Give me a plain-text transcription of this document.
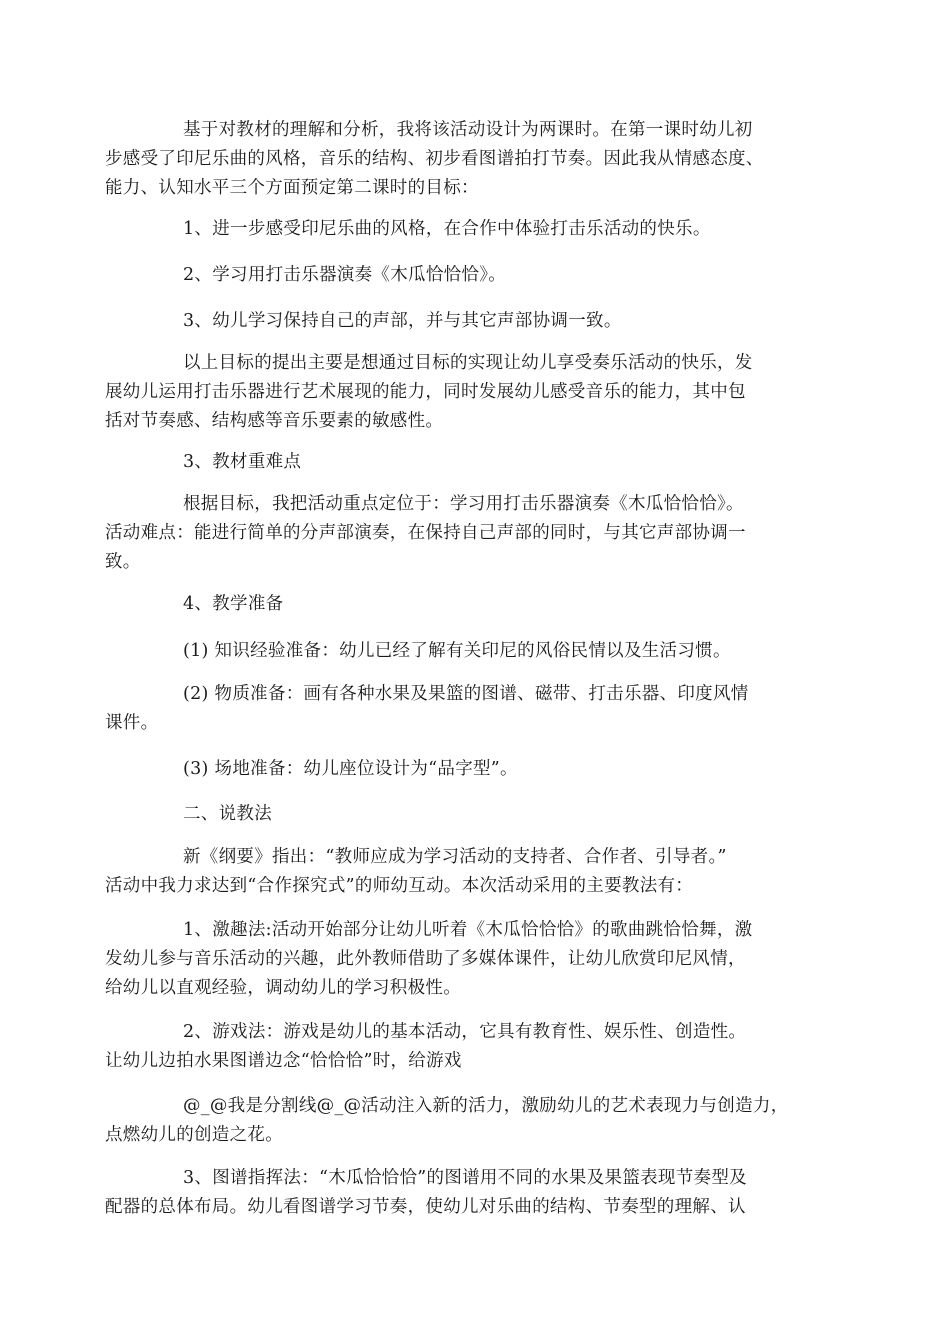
基于对教材的理解和分析，我将该活动设计为两课时。在第一课时幼儿初
步感受了印尼乐曲的风格，音乐的结构、初步看图谱拍打节奏。因此我从情感态度、
能力、认知水平三个方面预定第二课时的目标：

1、进一步感受印尼乐曲的风格，在合作中体验打击乐活动的快乐。

2、学习用打击乐器演奏《木瓜恰恰恰》。

3、幼儿学习保持自己的声部，并与其它声部协调一致。

以上目标的提出主要是想通过目标的实现让幼儿享受奏乐活动的快乐，发
展幼儿运用打击乐器进行艺术展现的能力，同时发展幼儿感受音乐的能力，其中包
括对节奏感、结构感等音乐要素的敏感性。

3、教材重难点

根据目标，我把活动重点定位于：学习用打击乐器演奏《木瓜恰恰恰》。
活动难点：能进行简单的分声部演奏，在保持自己声部的同时，与其它声部协调一
致。

4、教学准备

(1) 知识经验准备：幼儿已经了解有关印尼的风俗民情以及生活习惯。

(2) 物质准备：画有各种水果及果篮的图谱、磁带、打击乐器、印度风情
课件。

(3) 场地准备：幼儿座位设计为“品字型”。

二、说教法

新《纲要》指出：“教师应成为学习活动的支持者、合作者、引导者。”
活动中我力求达到“合作探究式”的师幼互动。本次活动采用的主要教法有：

1、激趣法:活动开始部分让幼儿听着《木瓜恰恰恰》的歌曲跳恰恰舞，激
发幼儿参与音乐活动的兴趣，此外教师借助了多媒体课件，让幼儿欣赏印尼风情，
给幼儿以直观经验，调动幼儿的学习积极性。

2、游戏法：游戏是幼儿的基本活动，它具有教育性、娱乐性、创造性。
让幼儿边拍水果图谱边念“恰恰恰”时，给游戏

@_@我是分割线@_@活动注入新的活力，激励幼儿的艺术表现力与创造力，
点燃幼儿的创造之花。

3、图谱指挥法：“木瓜恰恰恰”的图谱用不同的水果及果篮表现节奏型及
配器的总体布局。幼儿看图谱学习节奏，使幼儿对乐曲的结构、节奏型的理解、认
